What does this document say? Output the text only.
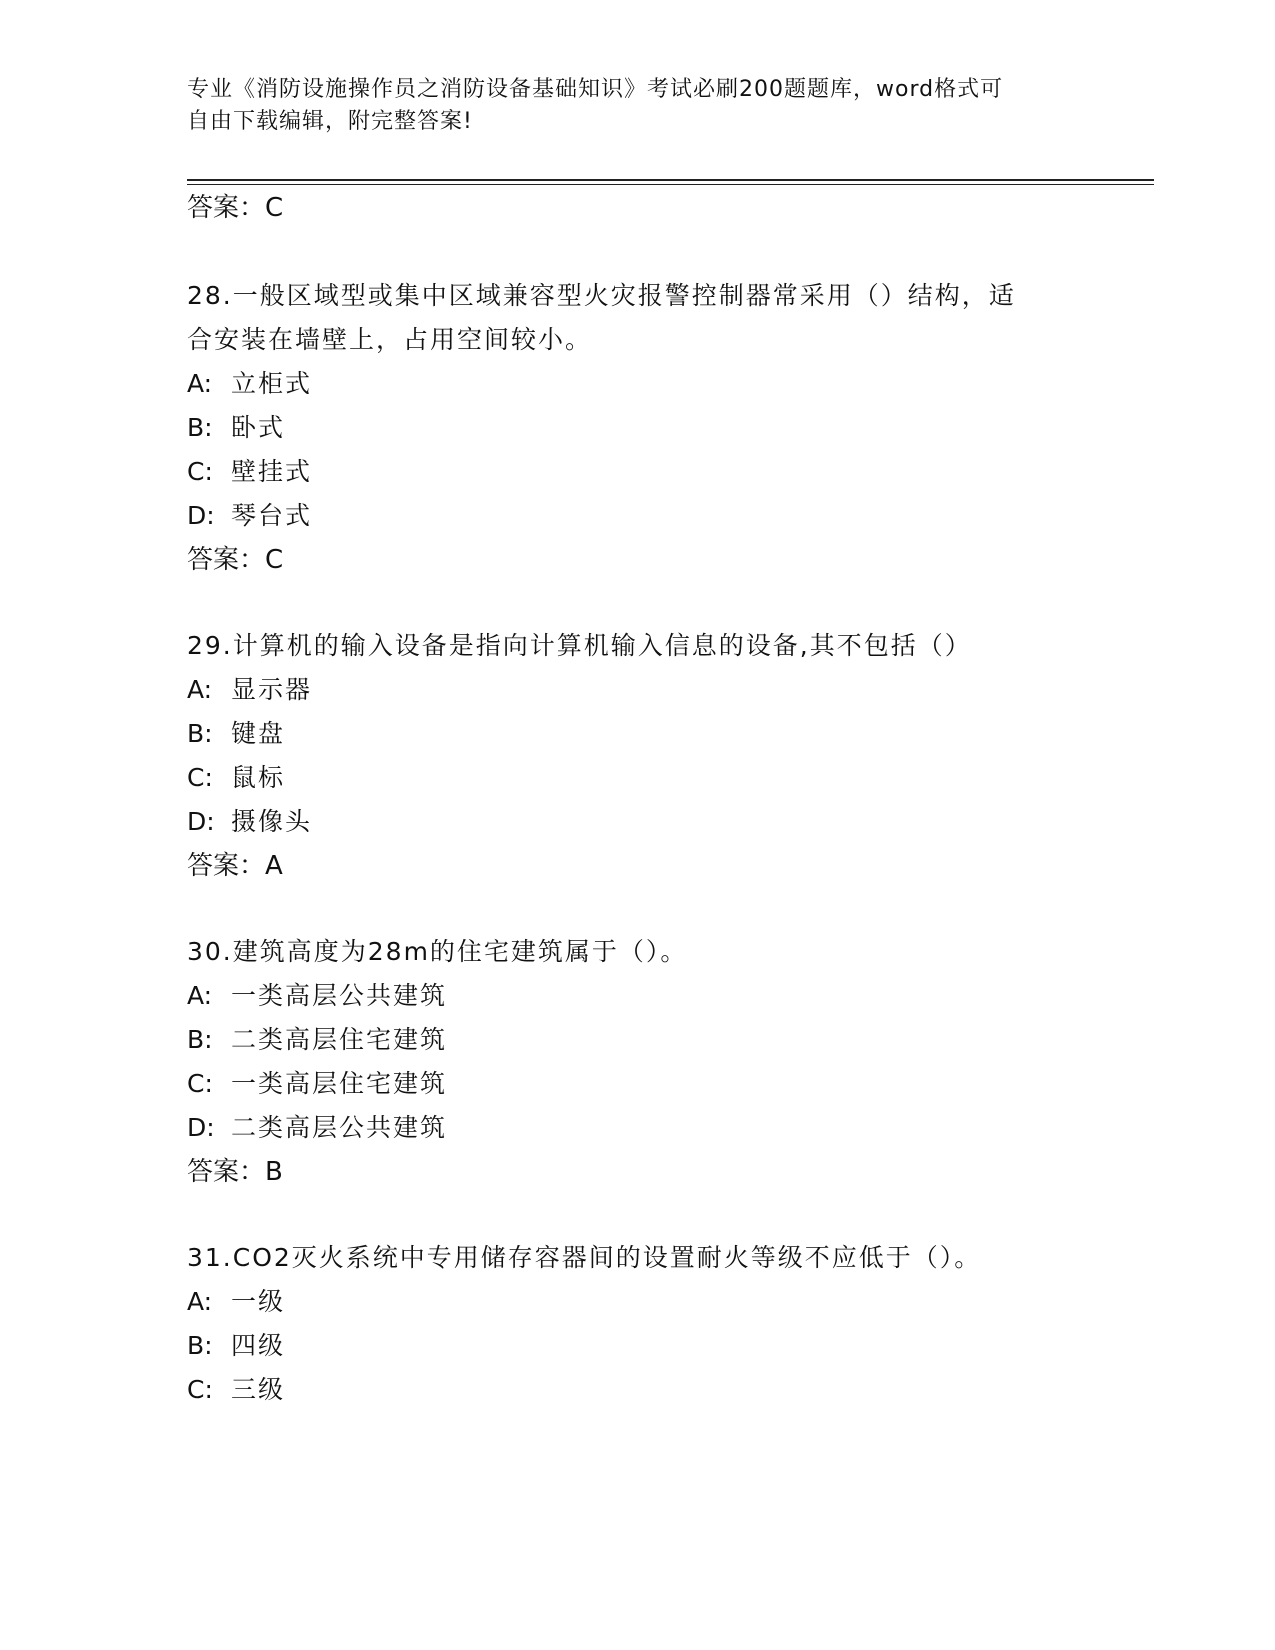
专业《消防设施操作员之消防设备基础知识》考试必刷200题题库，word格式可
自由下载编辑，附完整答案!
答案：C
28.一般区域型或集中区域兼容型火灾报警控制器常采用（）结构，适
合安装在墙壁上，占用空间较小。
A: 立柜式
B: 卧式
C: 壁挂式
D: 琴台式
答案：C
29.计算机的输入设备是指向计算机输入信息的设备,其不包括（）
A: 显示器
B: 键盘
C: 鼠标
D: 摄像头
答案：A
30.建筑高度为28m的住宅建筑属于（）。
A: 一类高层公共建筑
B: 二类高层住宅建筑
C: 一类高层住宅建筑
D: 二类高层公共建筑
答案：B
31.CO2灭火系统中专用储存容器间的设置耐火等级不应低于（）。
A: 一级
B: 四级
C: 三级
